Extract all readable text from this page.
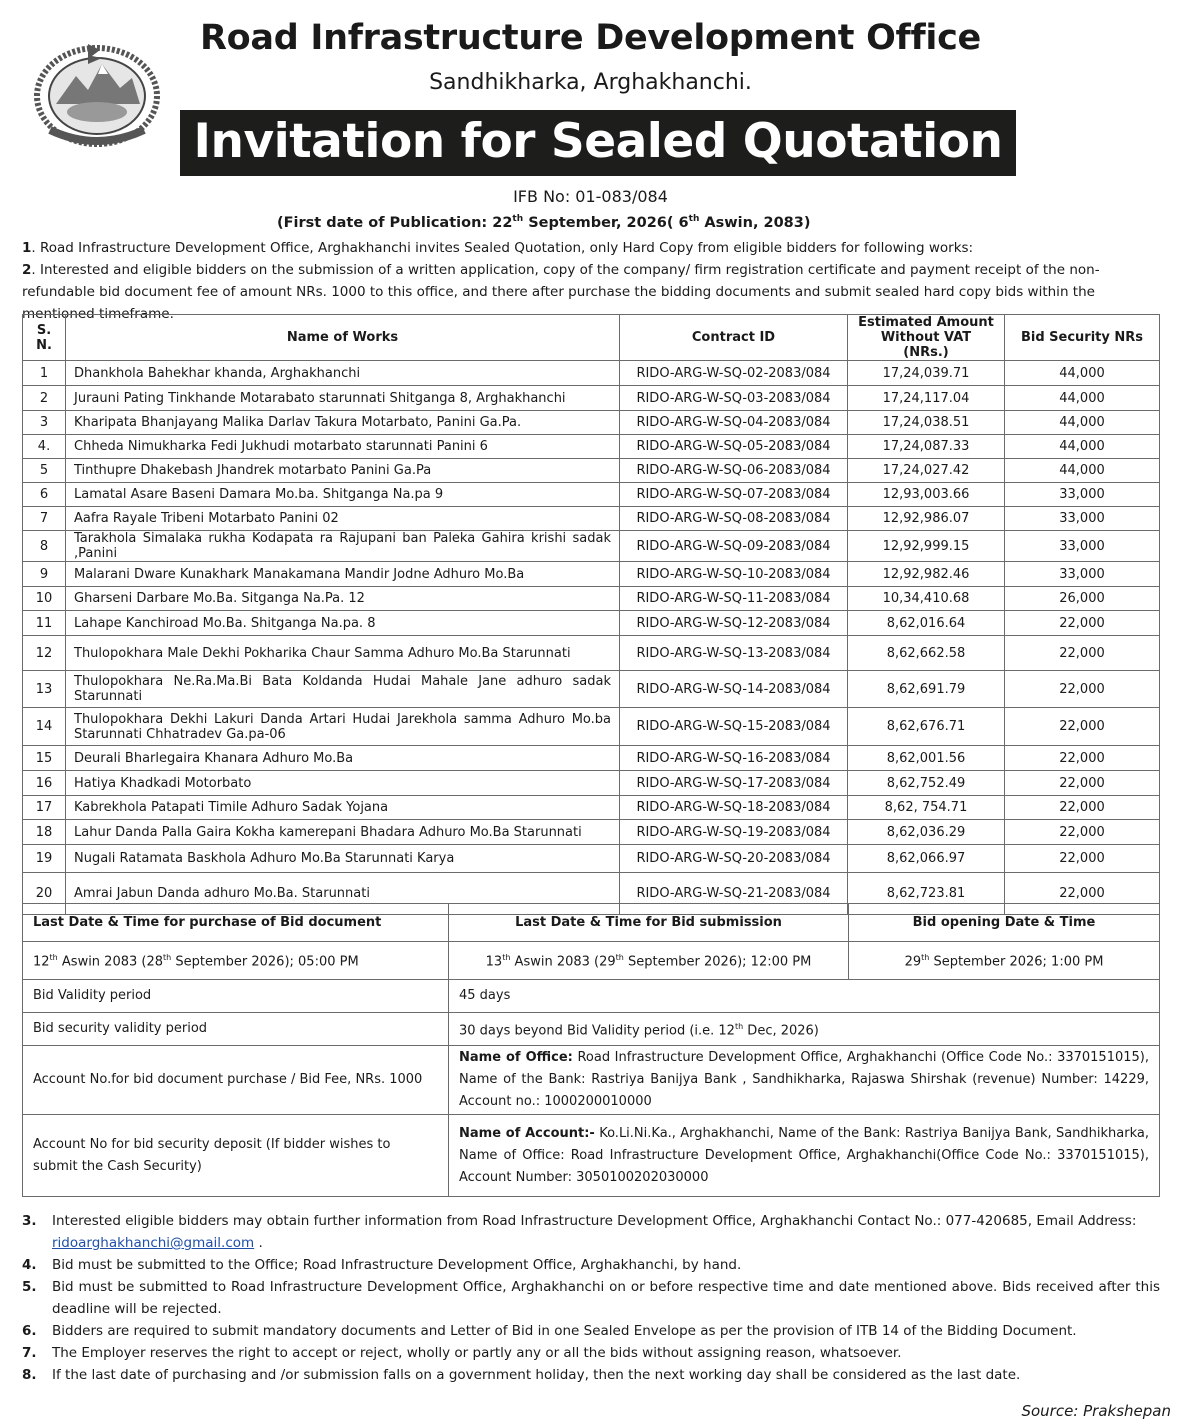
Road Infrastructure Development Office
Sandhikharka, Arghakhanchi.
Invitation for Sealed Quotation
IFB No: 01-083/084
(First date of Publication: 22th September, 2026( 6th Aswin, 2083)
1. Road Infrastructure Development Office, Arghakhanchi invites Sealed Quotation, only Hard Copy from eligible bidders for following works:
2. Interested and eligible bidders on the submission of a written application, copy of the company/ firm registration certificate and payment receipt of the non-refundable bid document fee of amount NRs. 1000 to this office, and there after purchase the bidding documents and submit sealed hard copy bids within the mentioned timeframe.
S. N.	Name of Works	Contract ID	Estimated Amount Without VAT (NRs.)	Bid Security NRs
1	Dhankhola Bahekhar khanda, Arghakhanchi	RIDO-ARG-W-SQ-02-2083/084	17,24,039.71	44,000
2	Jurauni Pating Tinkhande Motarabato starunnati Shitganga 8, Arghakhanchi	RIDO-ARG-W-SQ-03-2083/084	17,24,117.04	44,000
3	Kharipata Bhanjayang Malika Darlav Takura Motarbato, Panini Ga.Pa.	RIDO-ARG-W-SQ-04-2083/084	17,24,038.51	44,000
4.	Chheda Nimukharka Fedi Jukhudi motarbato starunnati Panini 6	RIDO-ARG-W-SQ-05-2083/084	17,24,087.33	44,000
5	Tinthupre Dhakebash Jhandrek motarbato Panini Ga.Pa	RIDO-ARG-W-SQ-06-2083/084	17,24,027.42	44,000
6	Lamatal Asare Baseni Damara Mo.ba. Shitganga Na.pa 9	RIDO-ARG-W-SQ-07-2083/084	12,93,003.66	33,000
7	Aafra Rayale Tribeni Motarbato Panini 02	RIDO-ARG-W-SQ-08-2083/084	12,92,986.07	33,000
8	Tarakhola Simalaka rukha Kodapata ra Rajupani ban Paleka Gahira krishi sadak ,Panini	RIDO-ARG-W-SQ-09-2083/084	12,92,999.15	33,000
9	Malarani Dware Kunakhark Manakamana Mandir Jodne Adhuro Mo.Ba	RIDO-ARG-W-SQ-10-2083/084	12,92,982.46	33,000
10	Gharseni Darbare Mo.Ba. Sitganga Na.Pa. 12	RIDO-ARG-W-SQ-11-2083/084	10,34,410.68	26,000
11	Lahape Kanchiroad Mo.Ba. Shitganga Na.pa. 8	RIDO-ARG-W-SQ-12-2083/084	8,62,016.64	22,000
12	Thulopokhara Male Dekhi Pokharika Chaur Samma Adhuro Mo.Ba Starunnati	RIDO-ARG-W-SQ-13-2083/084	8,62,662.58	22,000
13	Thulopokhara Ne.Ra.Ma.Bi Bata Koldanda Hudai Mahale Jane adhuro sadak Starunnati	RIDO-ARG-W-SQ-14-2083/084	8,62,691.79	22,000
14	Thulopokhara Dekhi Lakuri Danda Artari Hudai Jarekhola samma Adhuro Mo.ba Starunnati Chhatradev Ga.pa-06	RIDO-ARG-W-SQ-15-2083/084	8,62,676.71	22,000
15	Deurali Bharlegaira Khanara Adhuro Mo.Ba	RIDO-ARG-W-SQ-16-2083/084	8,62,001.56	22,000
16	Hatiya Khadkadi Motorbato	RIDO-ARG-W-SQ-17-2083/084	8,62,752.49	22,000
17	Kabrekhola Patapati Timile Adhuro Sadak Yojana	RIDO-ARG-W-SQ-18-2083/084	8,62, 754.71	22,000
18	Lahur Danda Palla Gaira Kokha kamerepani Bhadara Adhuro Mo.Ba Starunnati	RIDO-ARG-W-SQ-19-2083/084	8,62,036.29	22,000
19	Nugali Ratamata Baskhola Adhuro Mo.Ba Starunnati Karya	RIDO-ARG-W-SQ-20-2083/084	8,62,066.97	22,000
20	Amrai Jabun Danda adhuro Mo.Ba. Starunnati	RIDO-ARG-W-SQ-21-2083/084	8,62,723.81	22,000
Last Date & Time for purchase of Bid document	Last Date & Time for Bid submission	Bid opening Date & Time
12th Aswin 2083 (28th September 2026); 05:00 PM	13th Aswin 2083 (29th September 2026); 12:00 PM	29th September 2026; 1:00 PM
Bid Validity period	45 days	
Bid security validity period	30 days beyond Bid Validity period (i.e. 12th Dec, 2026)	
Account No.for bid document purchase / Bid Fee, NRs. 1000	Name of Office: Road Infrastructure Development Office, Arghakhanchi (Office Code No.: 3370151015), Name of the Bank: Rastriya Banijya Bank , Sandhikharka, Rajaswa Shirshak (revenue) Number: 14229, Account no.: 1000200010000	
Account No for bid security deposit (If bidder wishes to submit the Cash Security)	Name of Account:- Ko.Li.Ni.Ka., Arghakhanchi, Name of the Bank: Rastriya Banijya Bank, Sandhikharka, Name of Office: Road Infrastructure Development Office, Arghakhanchi(Office Code No.: 3370151015), Account Number: 3050100202030000	
3.	Interested eligible bidders may obtain further information from Road Infrastructure Development Office, Arghakhanchi Contact No.: 077-420685, Email Address:
ridoarghakhanchi@gmail.com .
4.	Bid must be submitted to the Office; Road Infrastructure Development Office, Arghakhanchi, by hand.
5.	Bid must be submitted to Road Infrastructure Development Office, Arghakhanchi on or before respective time and date mentioned above. Bids received after this deadline will be rejected.
6.	Bidders are required to submit mandatory documents and Letter of Bid in one Sealed Envelope as per the provision of ITB 14 of the Bidding Document.
7.	The Employer reserves the right to accept or reject, wholly or partly any or all the bids without assigning reason, whatsoever.
8.	If the last date of purchasing and /or submission falls on a government holiday, then the next working day shall be considered as the last date.
Source: Prakshepan
